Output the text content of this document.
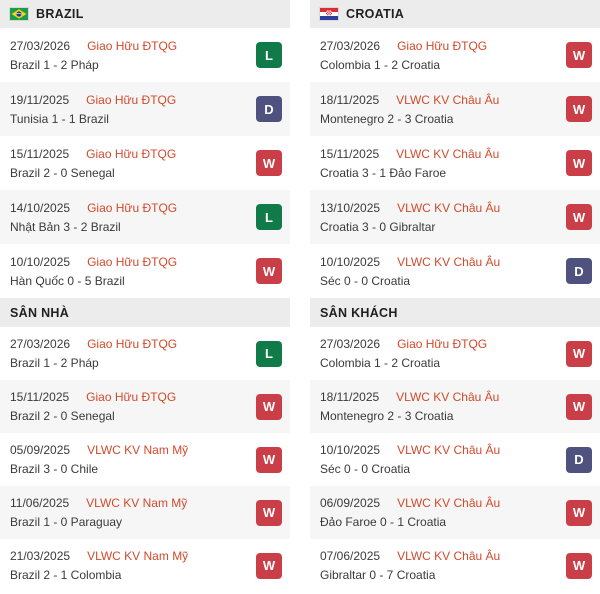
BRAZIL
27/03/2026 Giao Hữu ĐTQG
Brazil 1 - 2 Pháp
L
19/11/2025 Giao Hữu ĐTQG
Tunisia 1 - 1 Brazil
D
15/11/2025 Giao Hữu ĐTQG
Brazil 2 - 0 Senegal
W
14/10/2025 Giao Hữu ĐTQG
Nhật Bản 3 - 2 Brazil
L
10/10/2025 Giao Hữu ĐTQG
Hàn Quốc 0 - 5 Brazil
W
SÂN NHÀ
27/03/2026 Giao Hữu ĐTQG
Brazil 1 - 2 Pháp
L
15/11/2025 Giao Hữu ĐTQG
Brazil 2 - 0 Senegal
W
05/09/2025 VLWC KV Nam Mỹ
Brazil 3 - 0 Chile
W
11/06/2025 VLWC KV Nam Mỹ
Brazil 1 - 0 Paraguay
W
21/03/2025 VLWC KV Nam Mỹ
Brazil 2 - 1 Colombia
W
CROATIA
27/03/2026 Giao Hữu ĐTQG
Colombia 1 - 2 Croatia
W
18/11/2025 VLWC KV Châu Âu
Montenegro 2 - 3 Croatia
W
15/11/2025 VLWC KV Châu Âu
Croatia 3 - 1 Đảo Faroe
W
13/10/2025 VLWC KV Châu Âu
Croatia 3 - 0 Gibraltar
W
10/10/2025 VLWC KV Châu Âu
Séc 0 - 0 Croatia
D
SÂN KHÁCH
27/03/2026 Giao Hữu ĐTQG
Colombia 1 - 2 Croatia
W
18/11/2025 VLWC KV Châu Âu
Montenegro 2 - 3 Croatia
W
10/10/2025 VLWC KV Châu Âu
Séc 0 - 0 Croatia
D
06/09/2025 VLWC KV Châu Âu
Đảo Faroe 0 - 1 Croatia
W
07/06/2025 VLWC KV Châu Âu
Gibraltar 0 - 7 Croatia
W
